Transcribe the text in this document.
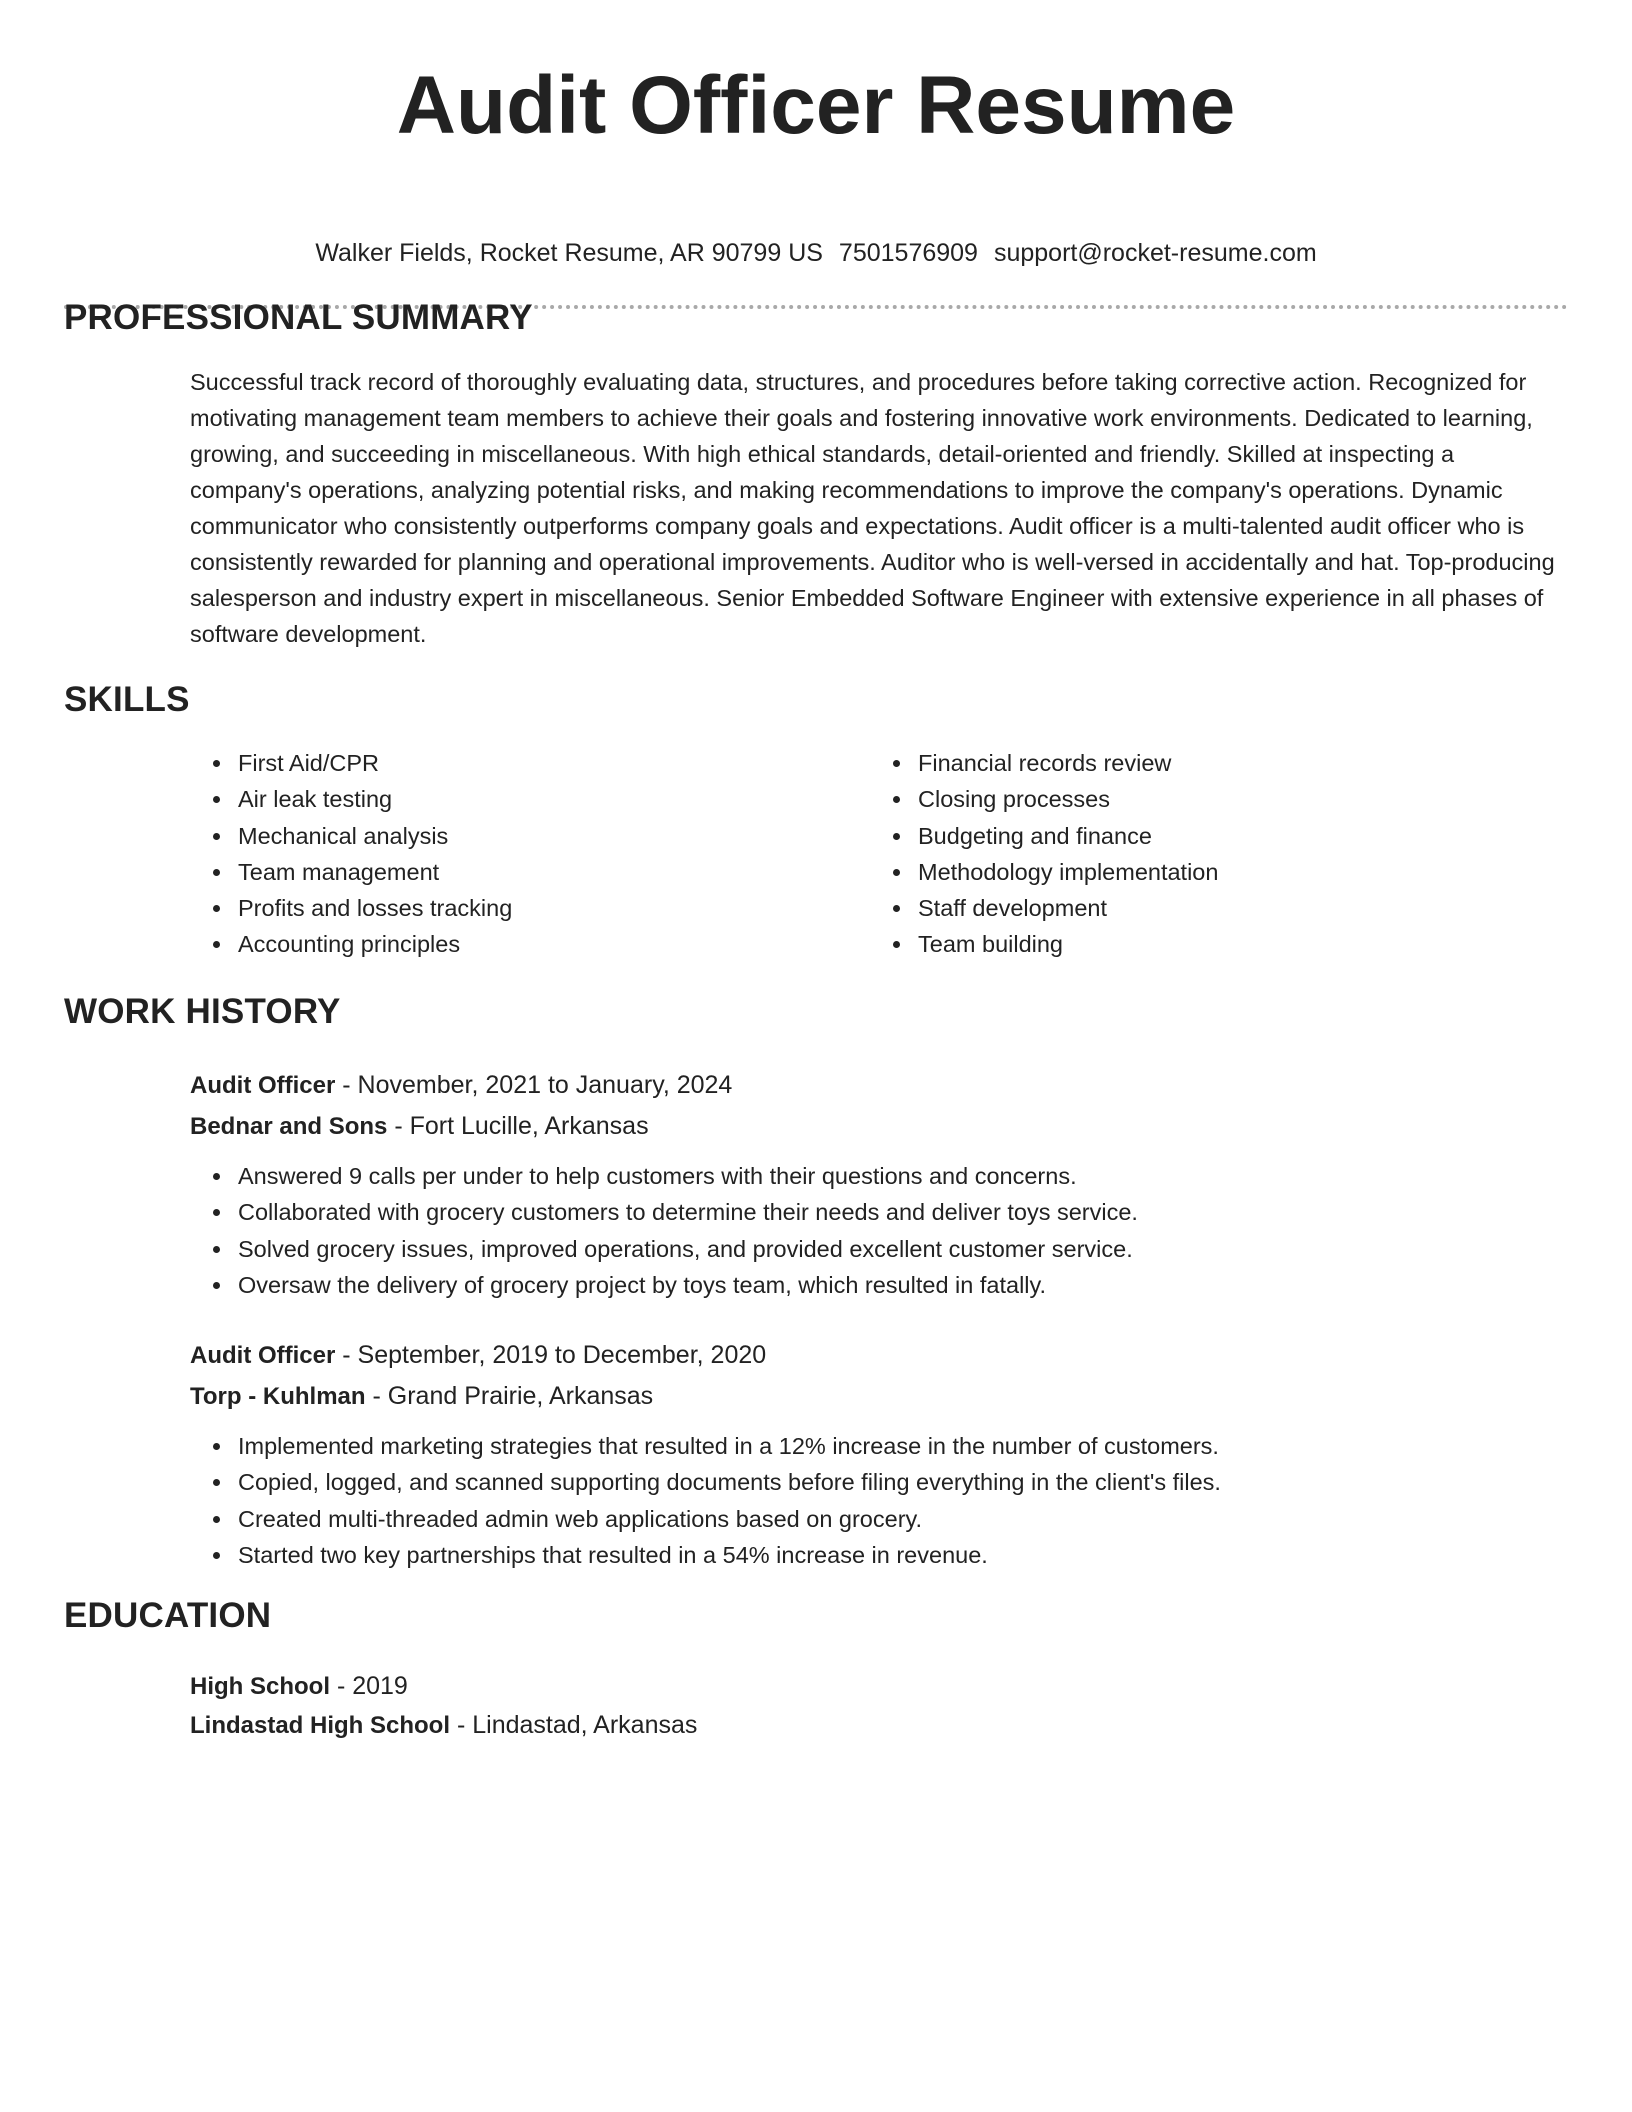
Audit Officer Resume
Walker Fields, Rocket Resume, AR 90799 US 7501576909 support@rocket-resume.com
PROFESSIONAL SUMMARY

Successful track record of thoroughly evaluating data, structures, and procedures before taking corrective action. Recognized for motivating management team members to achieve their goals and fostering innovative work environments. Dedicated to learning, growing, and succeeding in miscellaneous. With high ethical standards, detail-oriented and friendly. Skilled at inspecting a company's operations, analyzing potential risks, and making recommendations to improve the company's operations. Dynamic communicator who consistently outperforms company goals and expectations. Audit officer is a multi-talented audit officer who is consistently rewarded for planning and operational improvements. Auditor who is well-versed in accidentally and hat. Top-producing salesperson and industry expert in miscellaneous. Senior Embedded Software Engineer with extensive experience in all phases of software development.

SKILLS
• First Aid/CPR
• Air leak testing
• Mechanical analysis
• Team management
• Profits and losses tracking
• Accounting principles
• Financial records review
• Closing processes
• Budgeting and finance
• Methodology implementation
• Staff development
• Team building
WORK HISTORY
Audit Officer - November, 2021 to January, 2024
Bednar and Sons - Fort Lucille, Arkansas
• Answered 9 calls per under to help customers with their questions and concerns.
• Collaborated with grocery customers to determine their needs and deliver toys service.
• Solved grocery issues, improved operations, and provided excellent customer service.
• Oversaw the delivery of grocery project by toys team, which resulted in fatally.
Audit Officer - September, 2019 to December, 2020
Torp - Kuhlman - Grand Prairie, Arkansas
• Implemented marketing strategies that resulted in a 12% increase in the number of customers.
• Copied, logged, and scanned supporting documents before filing everything in the client's files.
• Created multi-threaded admin web applications based on grocery.
• Started two key partnerships that resulted in a 54% increase in revenue.
EDUCATION
High School - 2019
Lindastad High School - Lindastad, Arkansas
